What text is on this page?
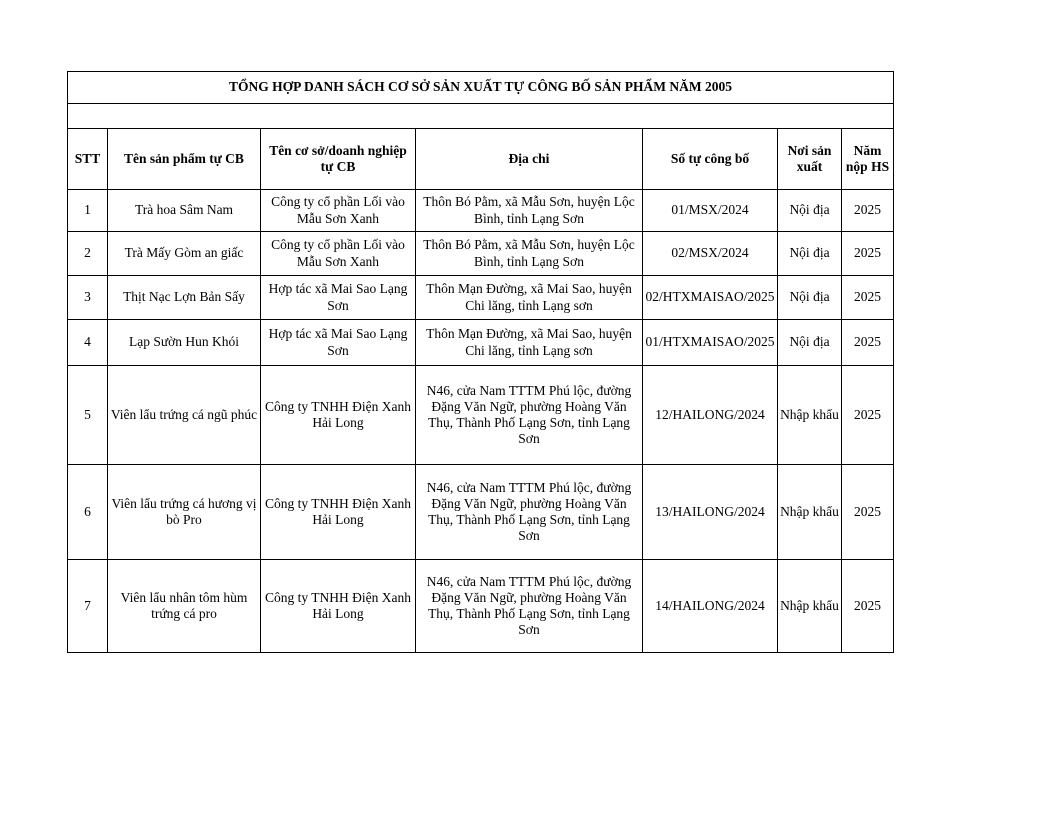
TỔNG HỢP DANH SÁCH CƠ SỞ SẢN XUẤT TỰ CÔNG BỐ SẢN PHẨM NĂM 2005						

STT	Tên sản phẩm tự CB	Tên cơ sở/doanh nghiệp tự CB	Địa chi	Số tự công bố	Nơi sản xuất	Năm nộp HS
1	Trà hoa Sâm Nam	Công ty cổ phần Lối vào Mẫu Sơn Xanh	Thôn Bó Pằm, xã Mẫu Sơn, huyện Lộc Bình, tỉnh Lạng Sơn	01/MSX/2024	Nội địa	2025
2	Trà Mấy Gòm an giấc	Công ty cổ phần Lối vào Mẫu Sơn Xanh	Thôn Bó Pằm, xã Mẫu Sơn, huyện Lộc Bình, tỉnh Lạng Sơn	02/MSX/2024	Nội địa	2025
3	Thịt Nạc Lợn Bản Sấy	Hợp tác xã Mai Sao Lạng Sơn	Thôn Mạn Đường, xã Mai Sao, huyện Chi lăng, tỉnh Lạng sơn	02/HTXMAISAO/2025	Nội địa	2025
4	Lạp Sườn Hun Khói	Hợp tác xã Mai Sao Lạng Sơn	Thôn Mạn Đường, xã Mai Sao, huyện Chi lăng, tỉnh Lạng sơn	01/HTXMAISAO/2025	Nội địa	2025
5	Viên lẩu trứng cá ngũ phúc	Công ty TNHH Điện Xanh Hải Long	N46, cửa Nam TTTM Phú lộc, đường Đặng Văn Ngữ, phường Hoàng Văn Thụ, Thành Phố Lạng Sơn, tỉnh Lạng Sơn	12/HAILONG/2024	Nhập khẩu	2025
6	Viên lẩu trứng cá hương vị bò Pro	Công ty TNHH Điện Xanh Hải Long	N46, cửa Nam TTTM Phú lộc, đường Đặng Văn Ngữ, phường Hoàng Văn Thụ, Thành Phố Lạng Sơn, tỉnh Lạng Sơn	13/HAILONG/2024	Nhập khẩu	2025
7	Viên lẩu nhân tôm hùm trứng cá pro	Công ty TNHH Điện Xanh Hải Long	N46, cửa Nam TTTM Phú lộc, đường Đặng Văn Ngữ, phường Hoàng Văn Thụ, Thành Phố Lạng Sơn, tỉnh Lạng Sơn	14/HAILONG/2024	Nhập khẩu	2025
